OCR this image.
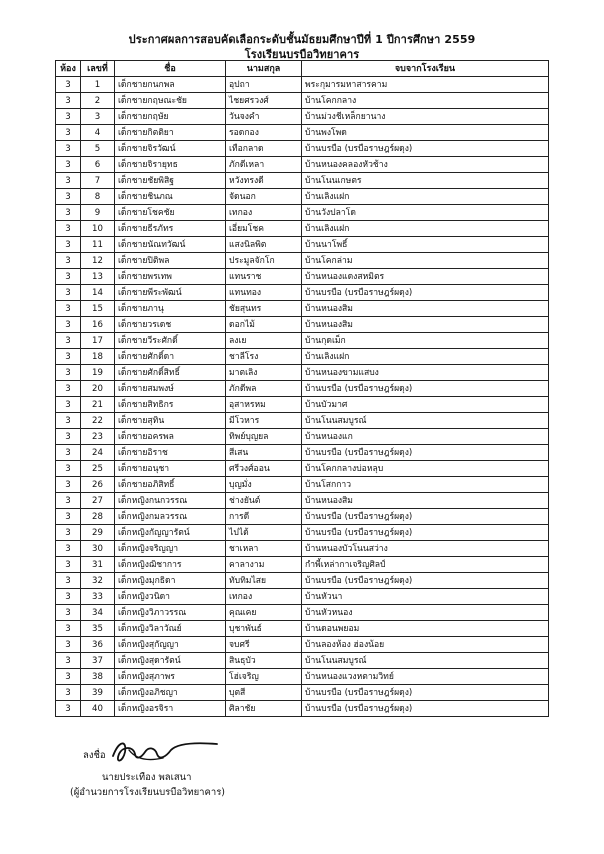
ประกาศผลการสอบคัดเลือกระดับชั้นมัธยมศึกษาปีที่ 1 ปีการศึกษา 2559
โรงเรียนบรบือวิทยาคาร
ห้อง	เลขที่	ชื่อ	นามสกุล	จบจากโรงเรียน
3	1	เด็กชายกนกพล	อุปถา	พระกุมารมหาสารคาม
3	2	เด็กชายกฤษณะชัย	ไชยศรวงศ์	บ้านโคกกลาง
3	3	เด็กชายกฤษัย	วันจงคำ	บ้านม่วงชีเหล็กยานาง
3	4	เด็กชายกิตติยา	รอดกอง	บ้านพงโพด
3	5	เด็กชายจิรวัฒน์	เทือกลาด	บ้านบรบือ (บรบือราษฎร์ผดุง)
3	6	เด็กชายจิรายุทธ	ภักดีเหลา	บ้านหนองคลองหัวช้าง
3	7	เด็กชายชัยพิสิฐ	หวังทรงดี	บ้านโนนเกษตร
3	8	เด็กชายชินภณ	จัดนอก	บ้านเลิงแฝก
3	9	เด็กชายโชคชัย	เทกอง	บ้านวังปลาโด
3	10	เด็กชายธีรภัทร	เอี่ยมโชค	บ้านเลิงแฝก
3	11	เด็กชายนัณทวัฒน์	แสงนิลพิต	บ้านนาโพธิ์
3	12	เด็กชายปิติพล	ประมูลจักโก	บ้านโคกล่าม
3	13	เด็กชายพรเทพ	แทนราช	บ้านหนองแดงสหมิตร
3	14	เด็กชายพีระพัฒน์	แทนทอง	บ้านบรบือ (บรบือราษฎร์ผดุง)
3	15	เด็กชายภานุ	ชัยสุนทร	บ้านหนองสิม
3	16	เด็กชายวรเดช	ดอกไม้	บ้านหนองสิม
3	17	เด็กชายวีระศักดิ์	ลงเย	บ้านกุดเม็ก
3	18	เด็กชายศักดิ์ดา	ชาลีโรง	บ้านเลิงแฝก
3	19	เด็กชายศักดิ์สิทธิ์	มาตเลิง	บ้านหนองขามแสบง
3	20	เด็กชายสมพงษ์	ภักดีพล	บ้านบรบือ (บรบือราษฎร์ผดุง)
3	21	เด็กชายสิทธิกร	อุสาหรหม	บ้านบัวมาศ
3	22	เด็กชายสุทิน	มีโวหาร	บ้านโนนสมบูรณ์
3	23	เด็กชายอครพล	ทิพย์บุญยล	บ้านหนองแก
3	24	เด็กชายอิราช	สีเสน	บ้านบรบือ (บรบือราษฎร์ผดุง)
3	25	เด็กชายอนุชา	ศรีวงศ์ออน	บ้านโคกกลางบ่อหลุบ
3	26	เด็กชายอภิสิทธิ์	บุญมั่ง	บ้านโสกกาว
3	27	เด็กหญิงกนกวรรณ	ช่างยันต์	บ้านหนองสิม
3	28	เด็กหญิงกมลวรรณ	การดี	บ้านบรบือ (บรบือราษฎร์ผดุง)
3	29	เด็กหญิงกัญญารัตน์	ไปได้	บ้านบรบือ (บรบือราษฎร์ผดุง)
3	30	เด็กหญิงจริญญา	ชาเหลา	บ้านหนองบัวโนนสว่าง
3	31	เด็กหญิงฌิชาการ	คาลางาม	กำพี้เหล่ากาเจริญศิลป์
3	32	เด็กหญิงมุกธิดา	ทับทิมไสย	บ้านบรบือ (บรบือราษฎร์ผดุง)
3	33	เด็กหญิงวนิดา	เทกอง	บ้านหัวนา
3	34	เด็กหญิงวิภาวรรณ	คุณเคย	บ้านหัวหนอง
3	35	เด็กหญิงวิลาวัณย์	บุชาพันธ์	บ้านดอนพยอม
3	36	เด็กหญิงสุกัญญา	จบศรี	บ้านลองห้อง ฮ่องน้อย
3	37	เด็กหญิงสุดารัตน์	สินธุบัว	บ้านโนนสมบูรณ์
3	38	เด็กหญิงสุภาพร	โฮ่เจริญ	บ้านหนองแวงหตามวิทย์
3	39	เด็กหญิงอภิชญา	บุตสี	บ้านบรบือ (บรบือราษฎร์ผดุง)
3	40	เด็กหญิงอรจิรา	ศิลาชัย	บ้านบรบือ (บรบือราษฎร์ผดุง)
ลงชื่อ
นายประเทือง พลเสนา
(ผู้อำนวยการโรงเรียนบรบือวิทยาคาร)
